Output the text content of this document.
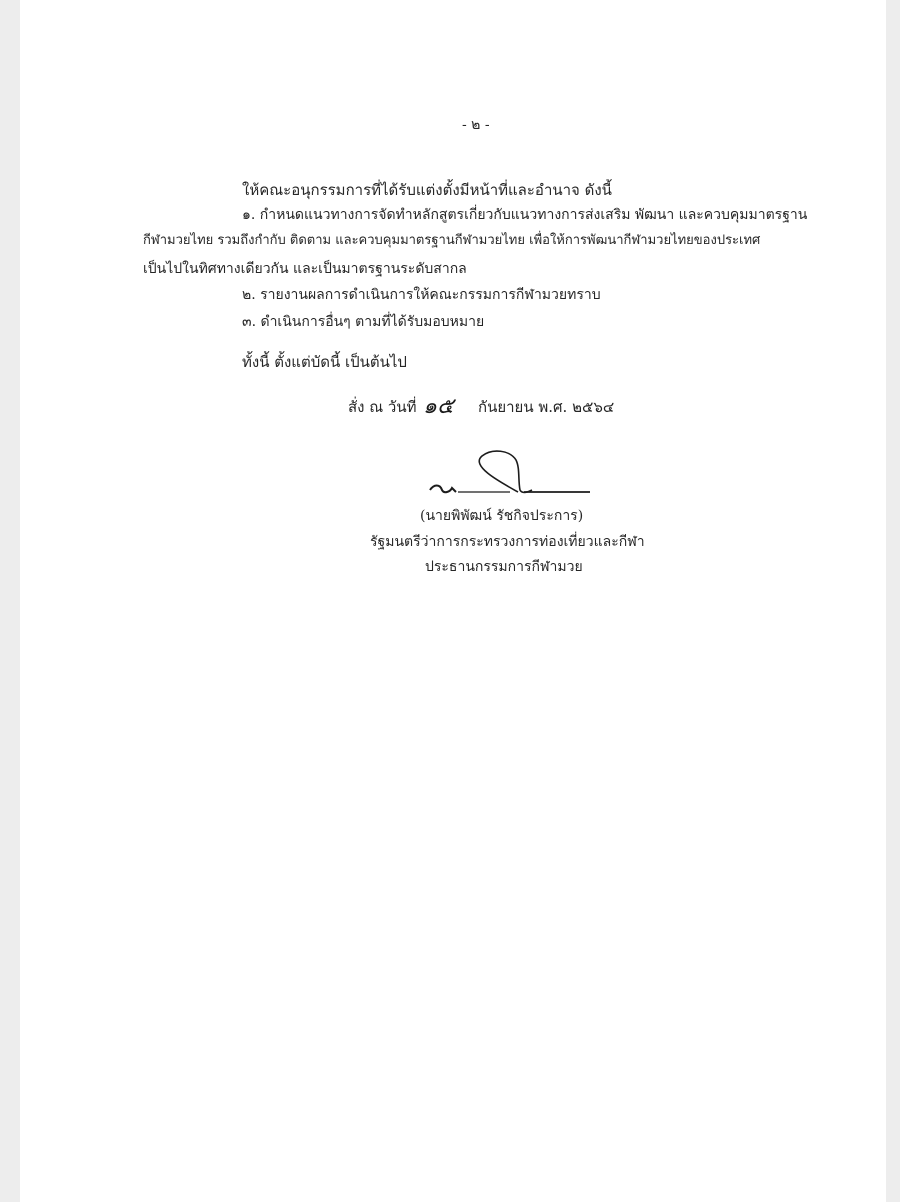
- ๒ -
ให้คณะอนุกรรมการที่ได้รับแต่งตั้งมีหน้าที่และอำนาจ ดังนี้
๑. กำหนดแนวทางการจัดทำหลักสูตรเกี่ยวกับแนวทางการส่งเสริม พัฒนา และควบคุมมาตรฐาน
กีฬามวยไทย รวมถึงกำกับ ติดตาม และควบคุมมาตรฐานกีฬามวยไทย เพื่อให้การพัฒนากีฬามวยไทยของประเทศ
เป็นไปในทิศทางเดียวกัน และเป็นมาตรฐานระดับสากล
๒. รายงานผลการดำเนินการให้คณะกรรมการกีฬามวยทราบ
๓. ดำเนินการอื่นๆ ตามที่ได้รับมอบหมาย
ทั้งนี้ ตั้งแต่บัดนี้ เป็นต้นไป
สั่ง ณ วันที่ ๑๕ กันยายน พ.ศ. ๒๕๖๔
(นายพิพัฒน์ รัชกิจประการ)
รัฐมนตรีว่าการกระทรวงการท่องเที่ยวและกีฬา
ประธานกรรมการกีฬามวย
